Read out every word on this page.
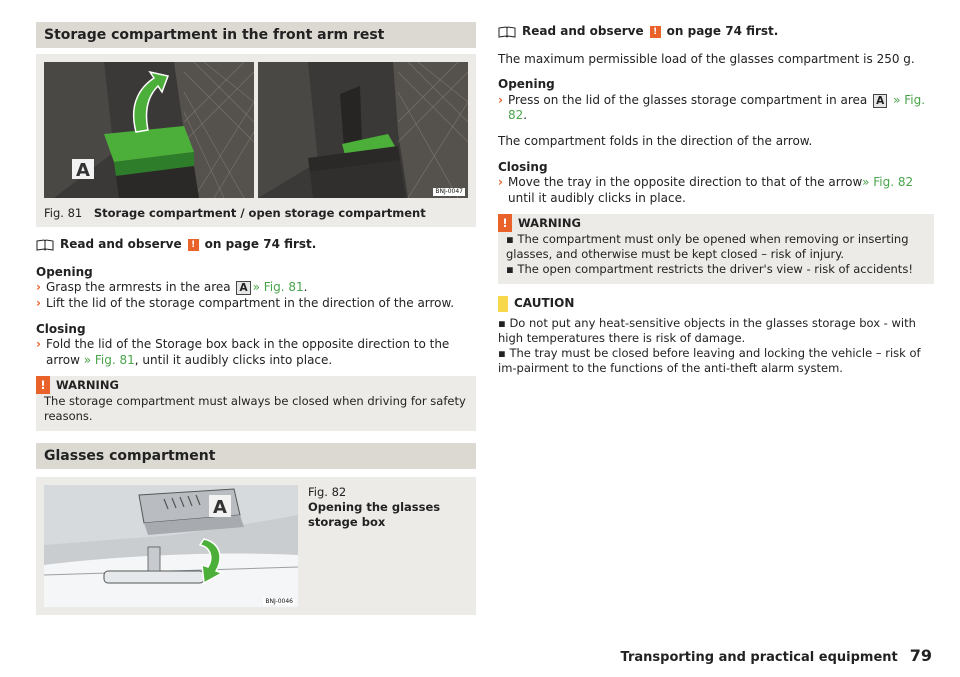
Storage compartment in the front arm rest
A
BNJ-0047
Fig. 81 Storage compartment / open storage compartment
Read and observe	! on page 74 first.
Opening
› Grasp the armrests in the area A » Fig. 81.
› Lift the lid of the storage compartment in the direction of the arrow.
Closing
› Fold the lid of the Storage box back in the opposite direction to the arrow » Fig. 81, until it audibly clicks into place.
! WARNING
The storage compartment must always be closed when driving for safety reasons.
Glasses compartment
A
BNJ-0046
Fig. 82
Opening the glasses storage box
Read and observe	! on page 74 first.
The maximum permissible load of the glasses compartment is 250 g.
Opening
› Press on the lid of the glasses storage compartment in area A » Fig. 82.
The compartment folds in the direction of the arrow.
Closing
› Move the tray in the opposite direction to that of the arrow» Fig. 82 until it audibly clicks in place.
! WARNING
▪ The compartment must only be opened when removing or inserting glasses, and otherwise must be kept closed – risk of injury.
▪ The open compartment restricts the driver's view - risk of accidents!
CAUTION
▪ Do not put any heat-sensitive objects in the glasses storage box - with high temperatures there is risk of damage.
▪ The tray must be closed before leaving and locking the vehicle – risk of im-pairment to the functions of the anti-theft alarm system.
Transporting and practical equipment 79
